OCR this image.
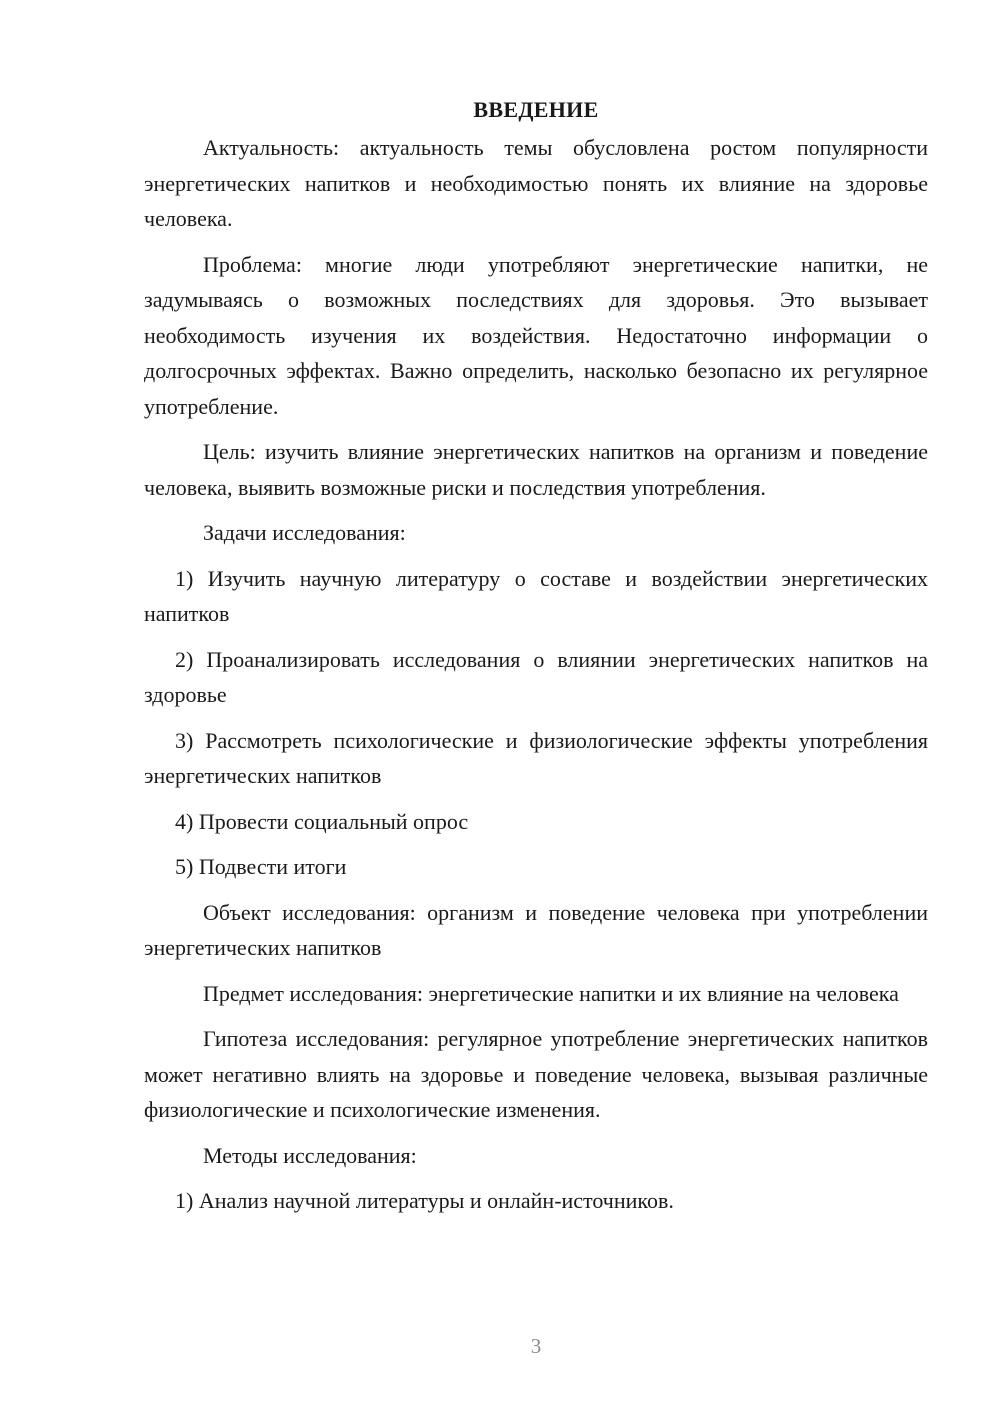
ВВЕДЕНИЕ

Актуальность: актуальность темы обусловлена ростом популярности энергетических напитков и необходимостью понять их влияние на здоровье человека.

Проблема: многие люди употребляют энергетические напитки, не задумываясь о возможных последствиях для здоровья. Это вызывает необходимость изучения их воздействия. Недостаточно информации о долгосрочных эффектах. Важно определить, насколько безопасно их регулярное употребление.

Цель: изучить влияние энергетических напитков на организм и поведение человека, выявить возможные риски и последствия употребления.

Задачи исследования:

1) Изучить научную литературу о составе и воздействии энергетических напитков

2) Проанализировать исследования о влиянии энергетических напитков на здоровье

3) Рассмотреть психологические и физиологические эффекты употребления энергетических напитков

4) Провести социальный опрос

5) Подвести итоги

Объект исследования: организм и поведение человека при употреблении энергетических напитков

Предмет исследования: энергетические напитки и их влияние на человека

Гипотеза исследования: регулярное употребление энергетических напитков может негативно влиять на здоровье и поведение человека, вызывая различные физиологические и психологические изменения.

Методы исследования:

1) Анализ научной литературы и онлайн-источников.

3
